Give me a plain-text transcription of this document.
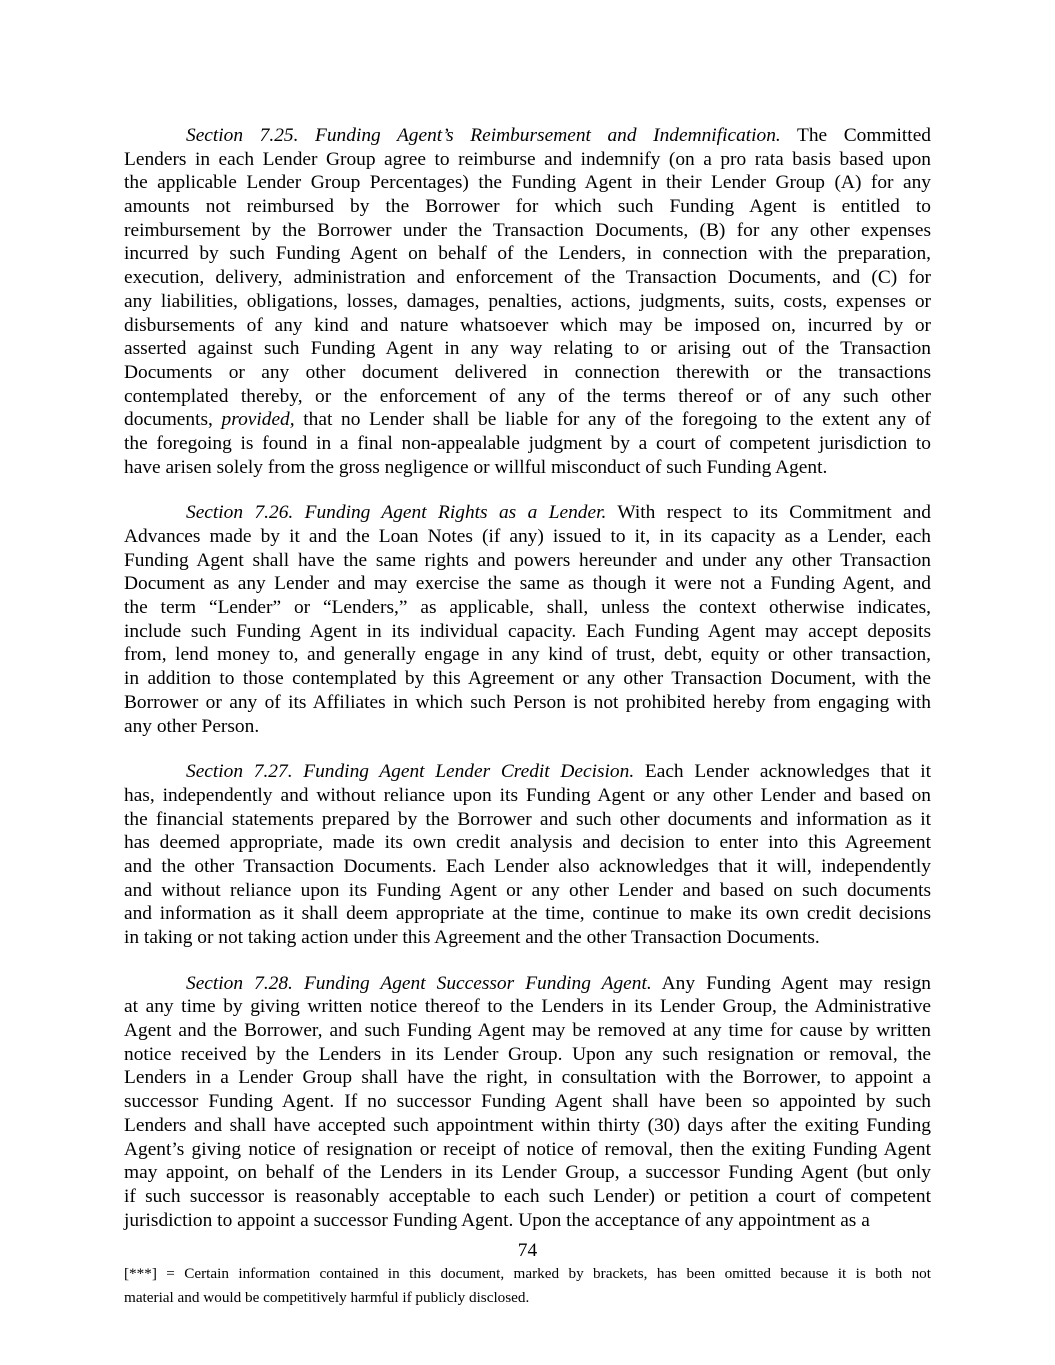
Section 7.25. Funding Agent’s Reimbursement and Indemnification. The Committed
Lenders in each Lender Group agree to reimburse and indemnify (on a pro rata basis based upon
the applicable Lender Group Percentages) the Funding Agent in their Lender Group (A) for any
amounts not reimbursed by the Borrower for which such Funding Agent is entitled to
reimbursement by the Borrower under the Transaction Documents, (B) for any other expenses
incurred by such Funding Agent on behalf of the Lenders, in connection with the preparation,
execution, delivery, administration and enforcement of the Transaction Documents, and (C) for
any liabilities, obligations, losses, damages, penalties, actions, judgments, suits, costs, expenses or
disbursements of any kind and nature whatsoever which may be imposed on, incurred by or
asserted against such Funding Agent in any way relating to or arising out of the Transaction
Documents or any other document delivered in connection therewith or the transactions
contemplated thereby, or the enforcement of any of the terms thereof or of any such other
documents, provided, that no Lender shall be liable for any of the foregoing to the extent any of
the foregoing is found in a final non-appealable judgment by a court of competent jurisdiction to
have arisen solely from the gross negligence or willful misconduct of such Funding Agent.
Section 7.26. Funding Agent Rights as a Lender. With respect to its Commitment and
Advances made by it and the Loan Notes (if any) issued to it, in its capacity as a Lender, each
Funding Agent shall have the same rights and powers hereunder and under any other Transaction
Document as any Lender and may exercise the same as though it were not a Funding Agent, and
the term “Lender” or “Lenders,” as applicable, shall, unless the context otherwise indicates,
include such Funding Agent in its individual capacity. Each Funding Agent may accept deposits
from, lend money to, and generally engage in any kind of trust, debt, equity or other transaction,
in addition to those contemplated by this Agreement or any other Transaction Document, with the
Borrower or any of its Affiliates in which such Person is not prohibited hereby from engaging with
any other Person.
Section 7.27. Funding Agent Lender Credit Decision. Each Lender acknowledges that it
has, independently and without reliance upon its Funding Agent or any other Lender and based on
the financial statements prepared by the Borrower and such other documents and information as it
has deemed appropriate, made its own credit analysis and decision to enter into this Agreement
and the other Transaction Documents. Each Lender also acknowledges that it will, independently
and without reliance upon its Funding Agent or any other Lender and based on such documents
and information as it shall deem appropriate at the time, continue to make its own credit decisions
in taking or not taking action under this Agreement and the other Transaction Documents.
Section 7.28. Funding Agent Successor Funding Agent. Any Funding Agent may resign
at any time by giving written notice thereof to the Lenders in its Lender Group, the Administrative
Agent and the Borrower, and such Funding Agent may be removed at any time for cause by written
notice received by the Lenders in its Lender Group. Upon any such resignation or removal, the
Lenders in a Lender Group shall have the right, in consultation with the Borrower, to appoint a
successor Funding Agent. If no successor Funding Agent shall have been so appointed by such
Lenders and shall have accepted such appointment within thirty (30) days after the exiting Funding
Agent’s giving notice of resignation or receipt of notice of removal, then the exiting Funding Agent
may appoint, on behalf of the Lenders in its Lender Group, a successor Funding Agent (but only
if such successor is reasonably acceptable to each such Lender) or petition a court of competent
jurisdiction to appoint a successor Funding Agent. Upon the acceptance of any appointment as a
74
[***] = Certain information contained in this document, marked by brackets, has been omitted because it is both not
material and would be competitively harmful if publicly disclosed.
